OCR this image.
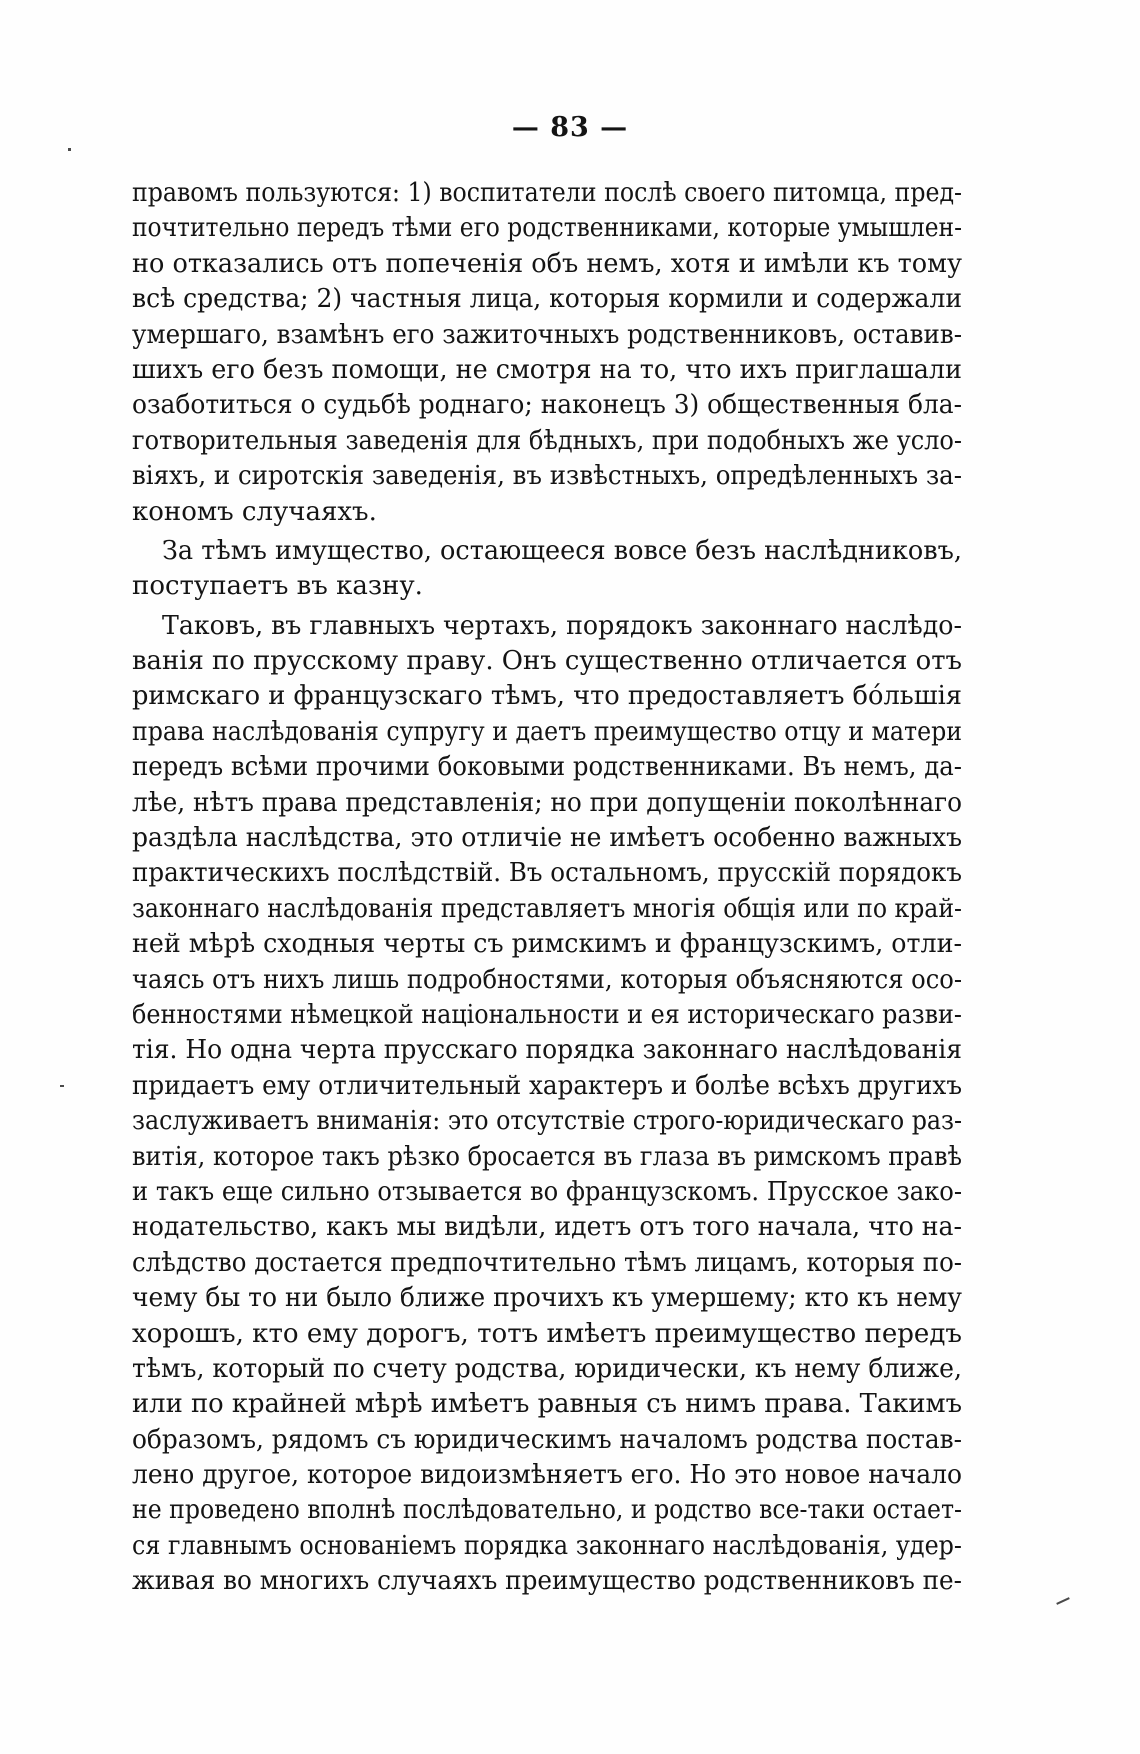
— 83 —
правомъ пользуются: 1) воспитатели послѣ своего питомца, пред-
почтительно передъ тѣми его родственниками, которые умышлен-
но отказались отъ попеченія объ немъ, хотя и имѣли къ тому
всѣ средства; 2) частныя лица, которыя кормили и содержали
умершаго, взамѣнъ его зажиточныхъ родственниковъ, оставив-
шихъ его безъ помощи, не смотря на то, что ихъ приглашали
озаботиться о судьбѣ роднаго; наконецъ 3) общественныя бла-
готворительныя заведенія для бѣдныхъ, при подобныхъ же усло-
віяхъ, и сиротскія заведенія, въ извѣстныхъ, опредѣленныхъ за-
кономъ случаяхъ.
За тѣмъ имущество, остающееся вовсе безъ наслѣдниковъ,
поступаетъ въ казну.
Таковъ, въ главныхъ чертахъ, порядокъ законнаго наслѣдо-
ванія по прусскому праву. Онъ существенно отличается отъ
римскаго и французскаго тѣмъ, что предоставляетъ бо́льшія
права наслѣдованія супругу и даетъ преимущество отцу и матери
передъ всѣми прочими боковыми родственниками. Въ немъ, да-
лѣе, нѣтъ права представленія; но при допущеніи поколѣннаго
раздѣла наслѣдства, это отличіе не имѣетъ особенно важныхъ
практическихъ послѣдствій. Въ остальномъ, прусскій порядокъ
законнаго наслѣдованія представляетъ многія общія или по край-
ней мѣрѣ сходныя черты съ римскимъ и французскимъ, отли-
чаясь отъ нихъ лишь подробностями, которыя объясняются осо-
бенностями нѣмецкой національности и ея историческаго разви-
тія. Но одна черта прусскаго порядка законнаго наслѣдованія
придаетъ ему отличительный характеръ и болѣе всѣхъ другихъ
заслуживаетъ вниманія: это отсутствіе строго-юридическаго раз-
витія, которое такъ рѣзко бросается въ глаза въ римскомъ правѣ
и такъ еще сильно отзывается во французскомъ. Прусское зако-
нодательство, какъ мы видѣли, идетъ отъ того начала, что на-
слѣдство достается предпочтительно тѣмъ лицамъ, которыя по-
чему бы то ни было ближе прочихъ къ умершему; кто къ нему
хорошъ, кто ему дорогъ, тотъ имѣетъ преимущество передъ
тѣмъ, который по счету родства, юридически, къ нему ближе,
или по крайней мѣрѣ имѣетъ равныя съ нимъ права. Такимъ
образомъ, рядомъ съ юридическимъ началомъ родства постав-
лено другое, которое видоизмѣняетъ его. Но это новое начало
не проведено вполнѣ послѣдовательно, и родство все-таки остает-
ся главнымъ основаніемъ порядка законнаго наслѣдованія, удер-
живая во многихъ случаяхъ преимущество родственниковъ пе-
